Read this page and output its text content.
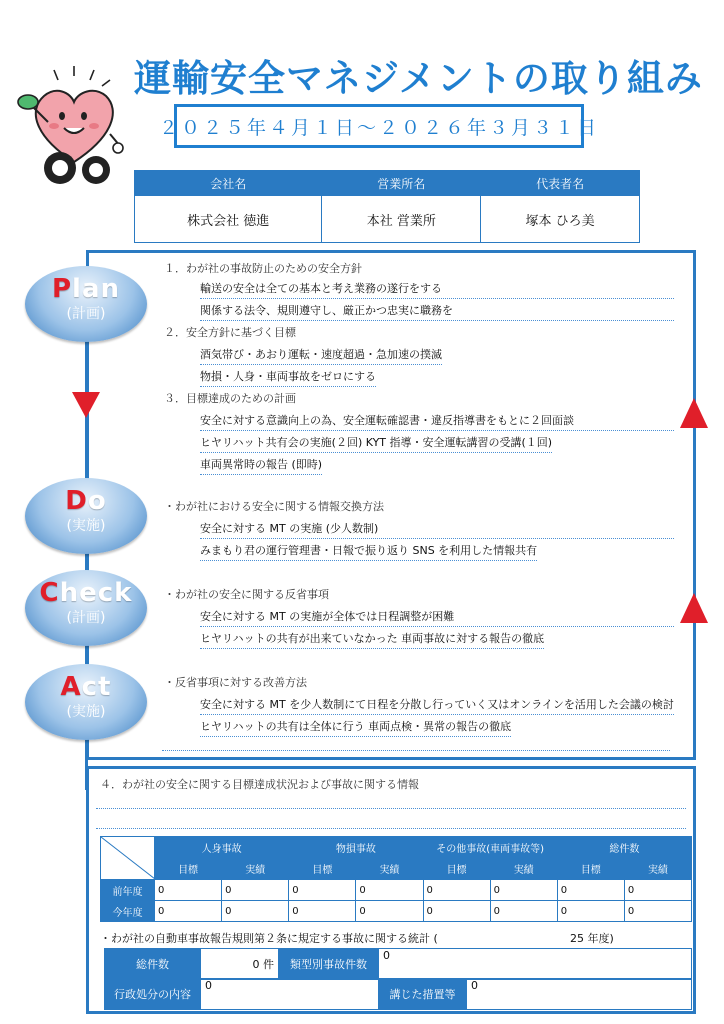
運輸安全マネジメントの取り組み
２０２５年４月１日～２０２６年３月３１日
会社名	営業所名	代表者名
株式会社 徳進	本社 営業所	塚本 ひろ美
Plan
(計画)
Do
(実施)
Check
(計画)
Act
(実施)
１．わが社の事故防止のための安全方針
輸送の安全は全ての基本と考え業務の遂行をする
関係する法令、規則遵守し、厳正かつ忠実に職務を
２．安全方針に基づく目標
酒気帯び・あおり運転・速度超過・急加速の撲滅
物損・人身・車両事故をゼロにする
３．目標達成のための計画
安全に対する意識向上の為、安全運転確認書・違反指導書をもとに２回面談
ヒヤリハット共有会の実施(２回) KYT 指導・安全運転講習の受講(１回)
車両異常時の報告 (即時)
・わが社における安全に関する情報交換方法
安全に対する MT の実施 (少人数制)
みまもり君の運行管理書・日報で振り返り SNS を利用した情報共有
・わが社の安全に関する反省事項
安全に対する MT の実施が全体では日程調整が困難
ヒヤリハットの共有が出来ていなかった 車両事故に対する報告の徹底
・反省事項に対する改善方法
安全に対する MT を少人数制にて日程を分散し行っていく又はオンラインを活用した会議の検討
ヒヤリハットの共有は全体に行う 車両点検・異常の報告の徹底
４．わが社の安全に関する目標達成状況および事故に関する情報
	人身事故		物損事故		その他事故(車両事故等)		総件数	
	目標	実績	目標	実績	目標	実績	目標	実績
前年度	0	0	0	0	0	0	0	0
今年度	0	0	0	0	0	0	0	0
・わが社の自動車事故報告規則第２条に規定する事故に関する統計 (	25 年度)
総件数	0 件	類型別事故件数	0
行政処分の内容	0	講じた措置等	0
